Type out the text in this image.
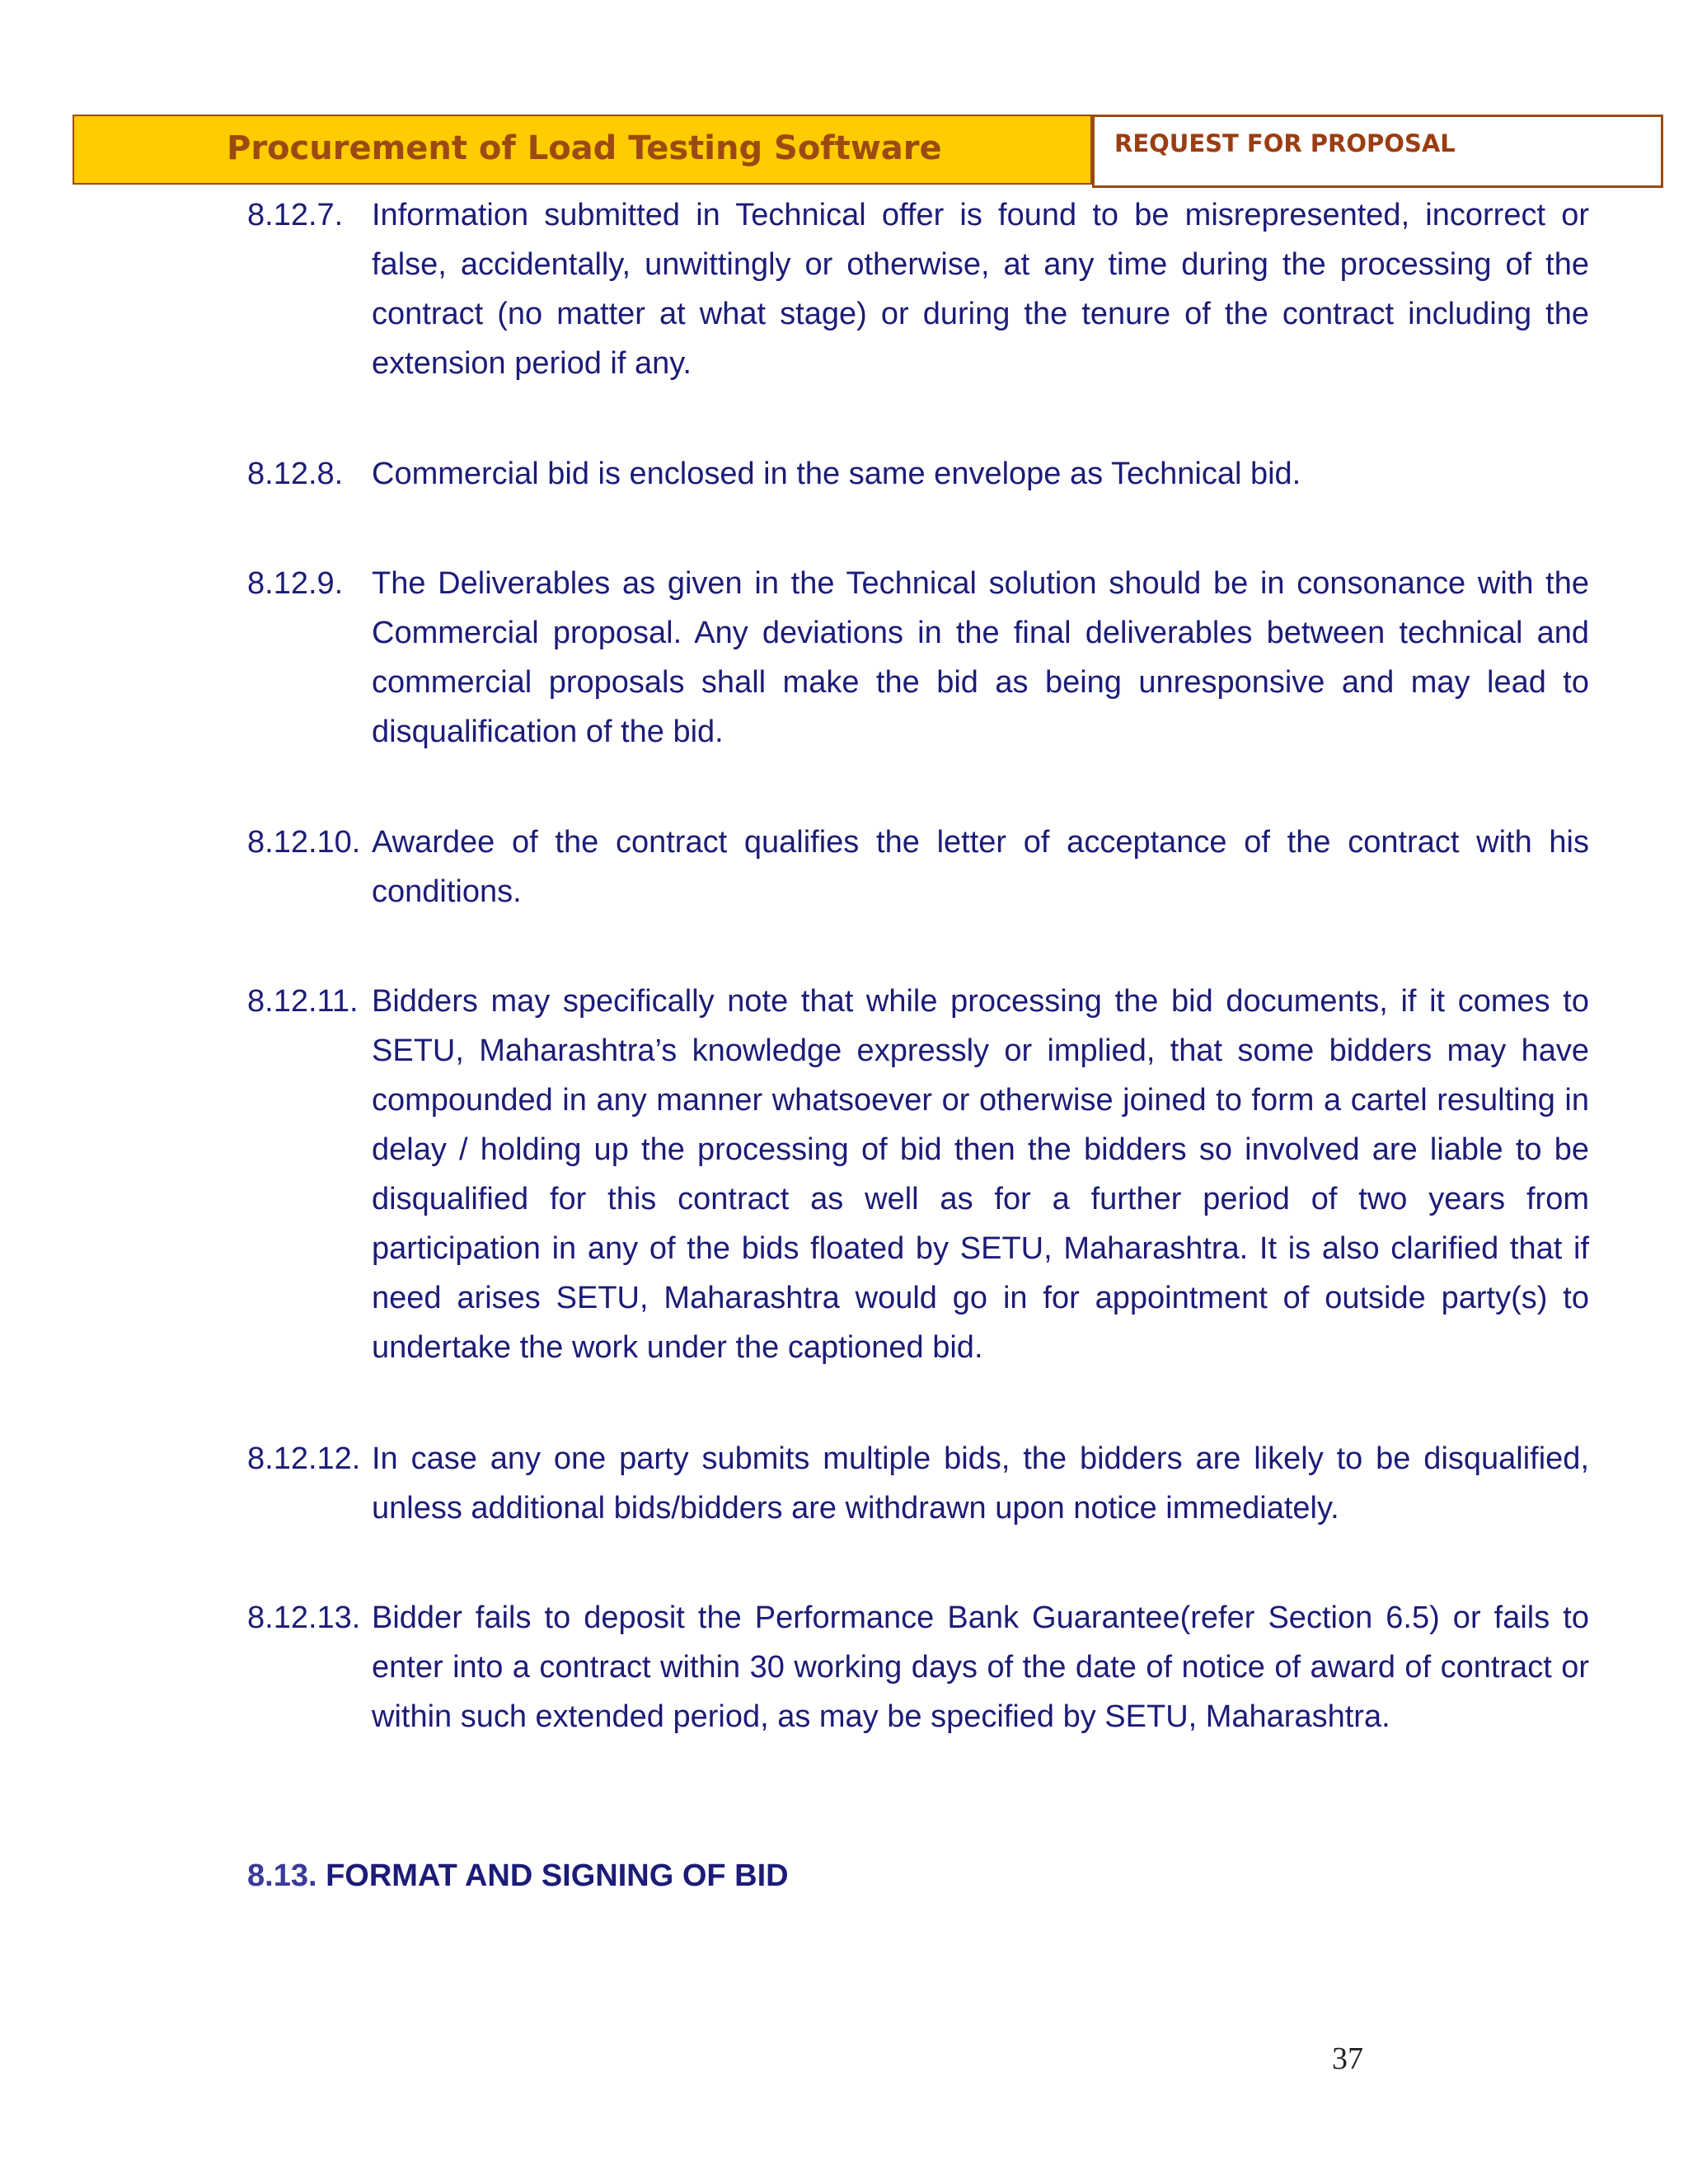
Procurement of Load Testing Software	REQUEST FOR PROPOSAL
8.12.7. Information submitted in Technical offer is found to be misrepresented, incorrect or false, accidentally, unwittingly or otherwise, at any time during the processing of the contract (no matter at what stage) or during the tenure of the contract including the extension period if any.
8.12.8. Commercial bid is enclosed in the same envelope as Technical bid.
8.12.9. The Deliverables as given in the Technical solution should be in consonance with the Commercial proposal. Any deviations in the final deliverables between technical and commercial proposals shall make the bid as being unresponsive and may lead to disqualification of the bid.
8.12.10. Awardee of the contract qualifies the letter of acceptance of the contract with his conditions.
8.12.11. Bidders may specifically note that while processing the bid documents, if it comes to SETU, Maharashtra’s knowledge expressly or implied, that some bidders may have compounded in any manner whatsoever or otherwise joined to form a cartel resulting in delay / holding up the processing of bid then the bidders so involved are liable to be disqualified for this contract as well as for a further period of two years from participation in any of the bids floated by SETU, Maharashtra. It is also clarified that if need arises SETU, Maharashtra would go in for appointment of outside party(s) to undertake the work under the captioned bid.
8.12.12. In case any one party submits multiple bids, the bidders are likely to be disqualified, unless additional bids/bidders are withdrawn upon notice immediately.
8.12.13. Bidder fails to deposit the Performance Bank Guarantee(refer Section 6.5) or fails to enter into a contract within 30 working days of the date of notice of award of contract or within such extended period, as may be specified by SETU, Maharashtra.
8.13. FORMAT AND SIGNING OF BID
37
